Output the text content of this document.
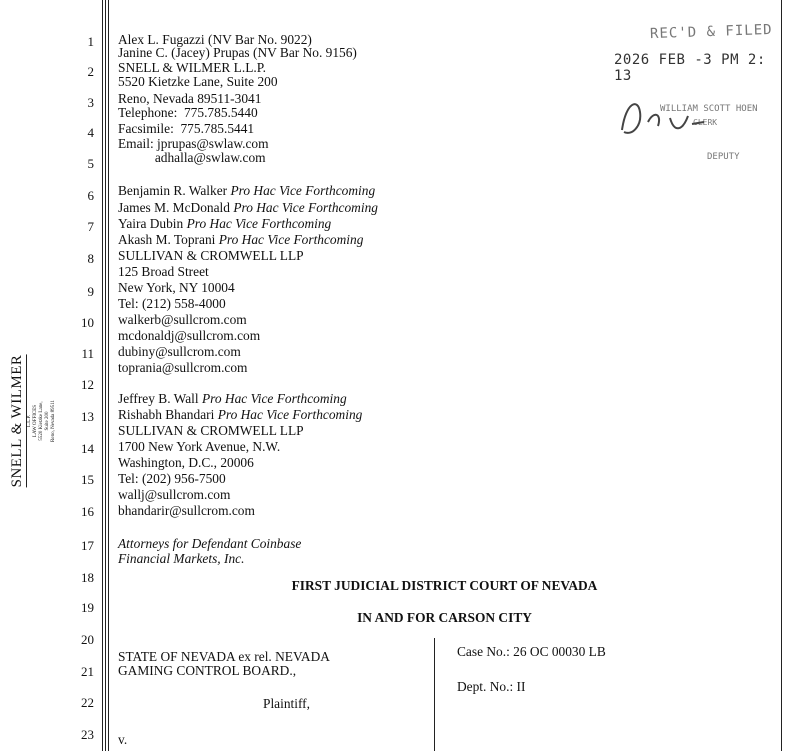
1
2
3
4
5
6
7
8
9
10
11
12
13
14
15
16
17
18
19
20
21
22
23
SNELL & WILMER L.L.P. LAW OFFICES 5520 Kietzke Lane, Suite 200 Reno, Nevada 89511
REC'D & FILED
2026 FEB -3 PM 2: 13
WILLIAM SCOTT HOEN
CLERK
DEPUTY
Alex L. Fugazzi (NV Bar No. 9022)
Janine C. (Jacey) Prupas (NV Bar No. 9156)
SNELL & WILMER L.L.P.
5520 Kietzke Lane, Suite 200
Reno, Nevada 89511-3041
Telephone:  775.785.5440
Facsimile:  775.785.5441
Email: jprupas@swlaw.com
adhalla@swlaw.com
Benjamin R. Walker Pro Hac Vice Forthcoming
James M. McDonald Pro Hac Vice Forthcoming
Yaira Dubin Pro Hac Vice Forthcoming
Akash M. Toprani Pro Hac Vice Forthcoming
SULLIVAN & CROMWELL LLP
125 Broad Street
New York, NY 10004
Tel: (212) 558-4000
walkerb@sullcrom.com
mcdonaldj@sullcrom.com
dubiny@sullcrom.com
toprania@sullcrom.com
Jeffrey B. Wall Pro Hac Vice Forthcoming
Rishabh Bhandari Pro Hac Vice Forthcoming
SULLIVAN & CROMWELL LLP
1700 New York Avenue, N.W.
Washington, D.C., 20006
Tel: (202) 956-7500
wallj@sullcrom.com
bhandarir@sullcrom.com
Attorneys for Defendant Coinbase
Financial Markets, Inc.
FIRST JUDICIAL DISTRICT COURT OF NEVADA
IN AND FOR CARSON CITY
STATE OF NEVADA ex rel. NEVADA
GAMING CONTROL BOARD.,
Plaintiff,
v.
Case No.: 26 OC 00030 LB
Dept. No.: II
